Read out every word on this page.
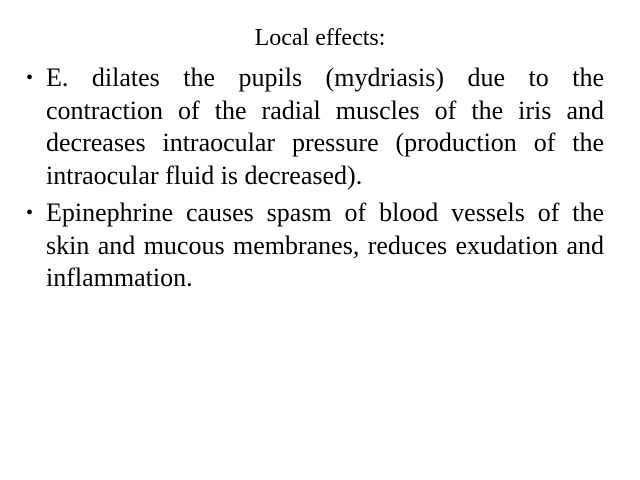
Local effects:
• E. dilates the pupils (mydriasis) due to the contraction of the radial muscles of the iris and decreases intraocular pressure (production of the intraocular fluid is decreased).
• Epinephrine causes spasm of blood vessels of the skin and mucous membranes, reduces exudation and inflammation.
